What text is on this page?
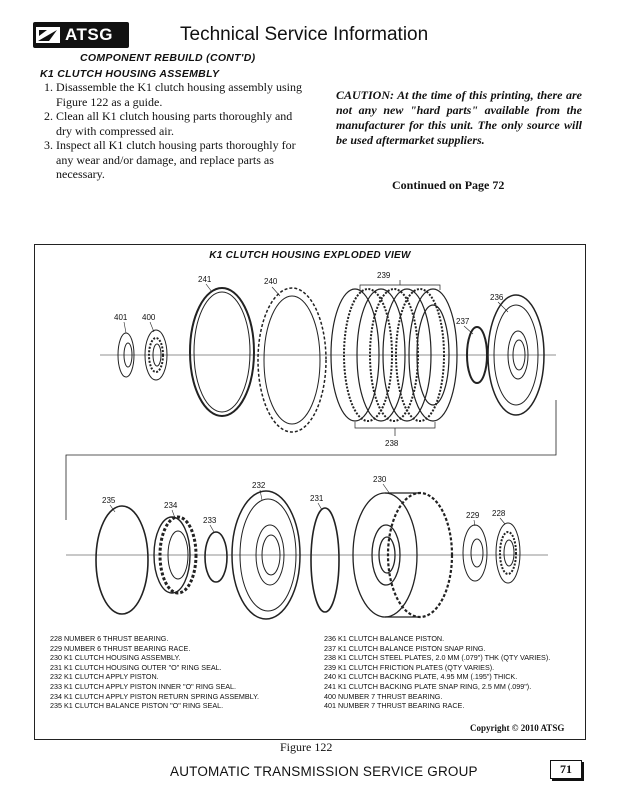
ATSG	Technical Service Information
COMPONENT REBUILD (CONT'D)
K1 CLUTCH HOUSING ASSEMBLY
1. Disassemble the K1 clutch housing assembly using Figure 122 as a guide.
2. Clean all K1 clutch housing parts thoroughly and dry with compressed air.
3. Inspect all K1 clutch housing parts thoroughly for any wear and/or damage, and replace parts as necessary.
CAUTION: At the time of this printing, there are not any new "hard parts" available from the manufacturer for this unit. The only source will be used aftermarket suppliers.
Continued on Page 72
K1 CLUTCH HOUSING EXPLODED VIEW
241	240
239
236
401 400	237
238
230
232
231
235
234
233
229 228
228 NUMBER 6 THRUST BEARING.
229 NUMBER 6 THRUST BEARING RACE.
230 K1 CLUTCH HOUSING ASSEMBLY.
231 K1 CLUTCH HOUSING OUTER "O" RING SEAL.
232 K1 CLUTCH APPLY PISTON.
233 K1 CLUTCH APPLY PISTON INNER "O" RING SEAL.
234 K1 CLUTCH APPLY PISTON RETURN SPRING ASSEMBLY.
235 K1 CLUTCH BALANCE PISTON "O" RING SEAL.
236 K1 CLUTCH BALANCE PISTON.
237 K1 CLUTCH BALANCE PISTON SNAP RING.
238 K1 CLUTCH STEEL PLATES, 2.0 MM (.079") THK (QTY VARIES).
239 K1 CLUTCH FRICTION PLATES (QTY VARIES).
240 K1 CLUTCH BACKING PLATE, 4.95 MM (.195") THICK.
241 K1 CLUTCH BACKING PLATE SNAP RING, 2.5 MM (.099").
400 NUMBER 7 THRUST BEARING.
401 NUMBER 7 THRUST BEARING RACE.
Copyright © 2010 ATSG
Figure 122
AUTOMATIC TRANSMISSION SERVICE GROUP	71
